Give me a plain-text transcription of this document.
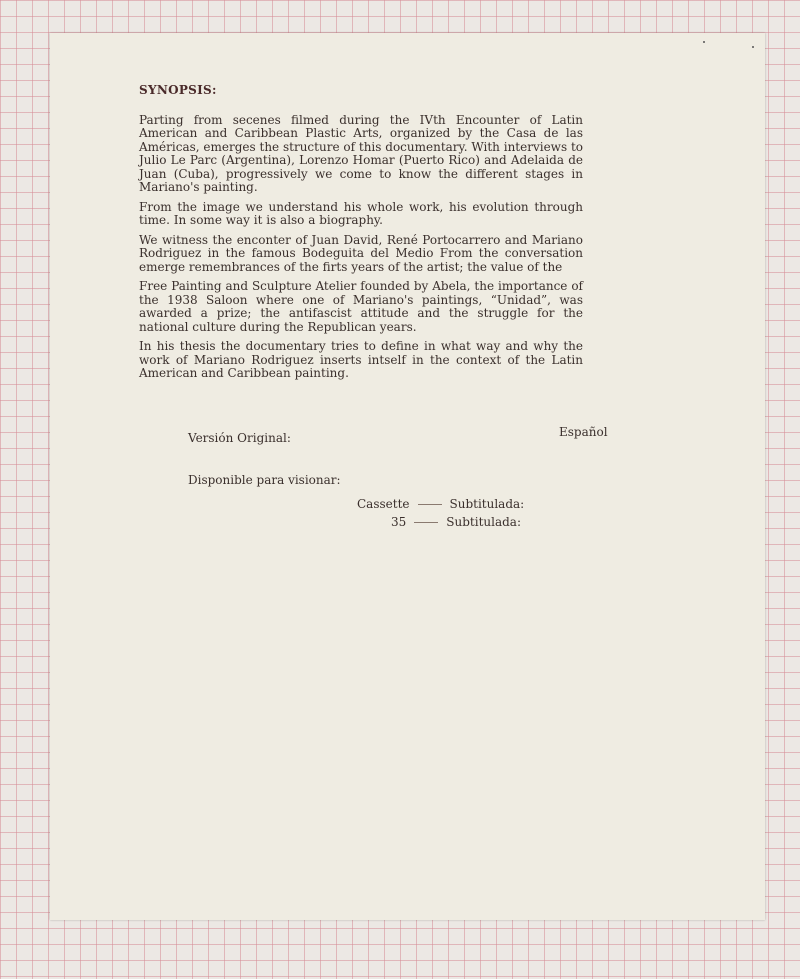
SYNOPSIS:

Parting from secenes filmed during the IVth Encounter of Latin American and Caribbean Plastic Arts, organized by the Casa de las Américas, emerges the structure of this documentary. With interviews to Julio Le Parc (Argentina), Lorenzo Homar (Puerto Rico) and Adelaida de Juan (Cuba), progressively we come to know the different stages in Mariano's painting.

From the image we understand his whole work, his evolution through time. In some way it is also a biography.

We witness the enconter of Juan David, René Portocarrero and Mariano Rodriguez in the famous Bodeguita del Medio From the conversation emerge remembrances of the firts years of the artist; the value of the

Free Painting and Sculpture Atelier founded by Abela, the importance of the 1938 Saloon where one of Mariano's paintings, “Unidad”, was awarded a prize; the antifascist attitude and the struggle for the national culture during the Republican years.

In his thesis the documentary tries to define in what way and why the work of Mariano Rodriguez inserts intself in the context of the Latin American and Caribbean painting.

Versión Original:	Español
Disponible para visionar:
Cassette	Subtitulada:
35	Subtitulada:
